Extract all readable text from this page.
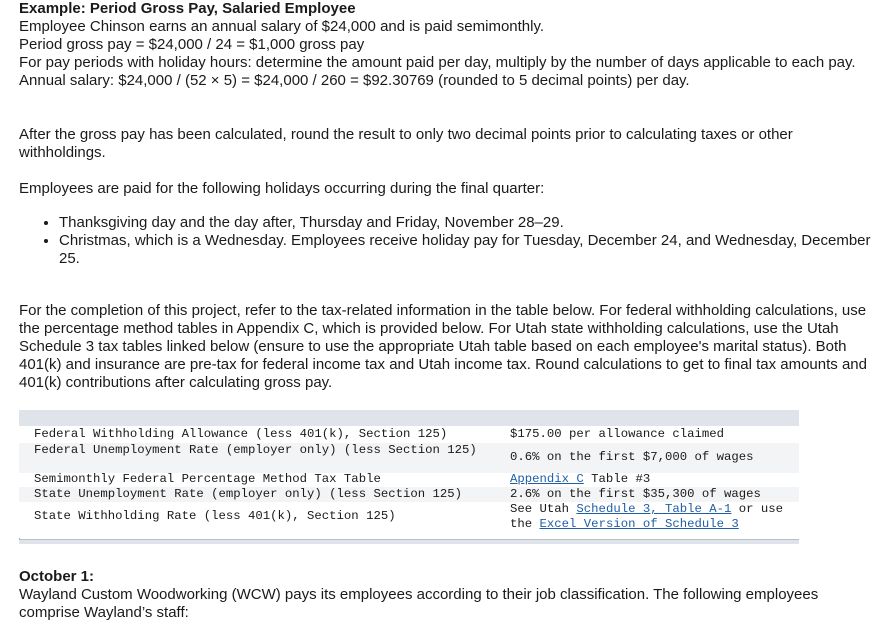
Example: Period Gross Pay, Salaried Employee

Employee Chinson earns an annual salary of $24,000 and is paid semimonthly.

Period gross pay = $24,000 / 24 = $1,000 gross pay

For pay periods with holiday hours: determine the amount paid per day, multiply by the number of days applicable to each pay.

Annual salary: $24,000 / (52 × 5) = $24,000 / 260 = $92.30769 (rounded to 5 decimal points) per day.

After the gross pay has been calculated, round the result to only two decimal points prior to calculating taxes or other withholdings.

Employees are paid for the following holidays occurring during the final quarter:

• Thanksgiving day and the day after, Thursday and Friday, November 28–29.
• Christmas, which is a Wednesday. Employees receive holiday pay for Tuesday, December 24, and Wednesday, December 25.

For the completion of this project, refer to the tax-related information in the table below. For federal withholding calculations, use the percentage method tables in Appendix C, which is provided below. For Utah state withholding calculations, use the Utah Schedule 3 tax tables linked below (ensure to use the appropriate Utah table based on each employee's marital status). Both 401(k) and insurance are pre-tax for federal income tax and Utah income tax. Round calculations to get to final tax amounts and 401(k) contributions after calculating gross pay.

Federal Withholding Allowance (less 401(k), Section 125)	$175.00 per allowance claimed
Federal Unemployment Rate (employer only) (less Section 125)	0.6% on the first $7,000 of wages
Semimonthly Federal Percentage Method Tax Table	Appendix C Table #3
State Unemployment Rate (employer only) (less Section 125)	2.6% on the first $35,300 of wages
State Withholding Rate (less 401(k), Section 125)	See Utah Schedule 3, Table A-1 or use the Excel Version of Schedule 3

October 1:

Wayland Custom Woodworking (WCW) pays its employees according to their job classification. The following employees comprise Wayland’s staff:
